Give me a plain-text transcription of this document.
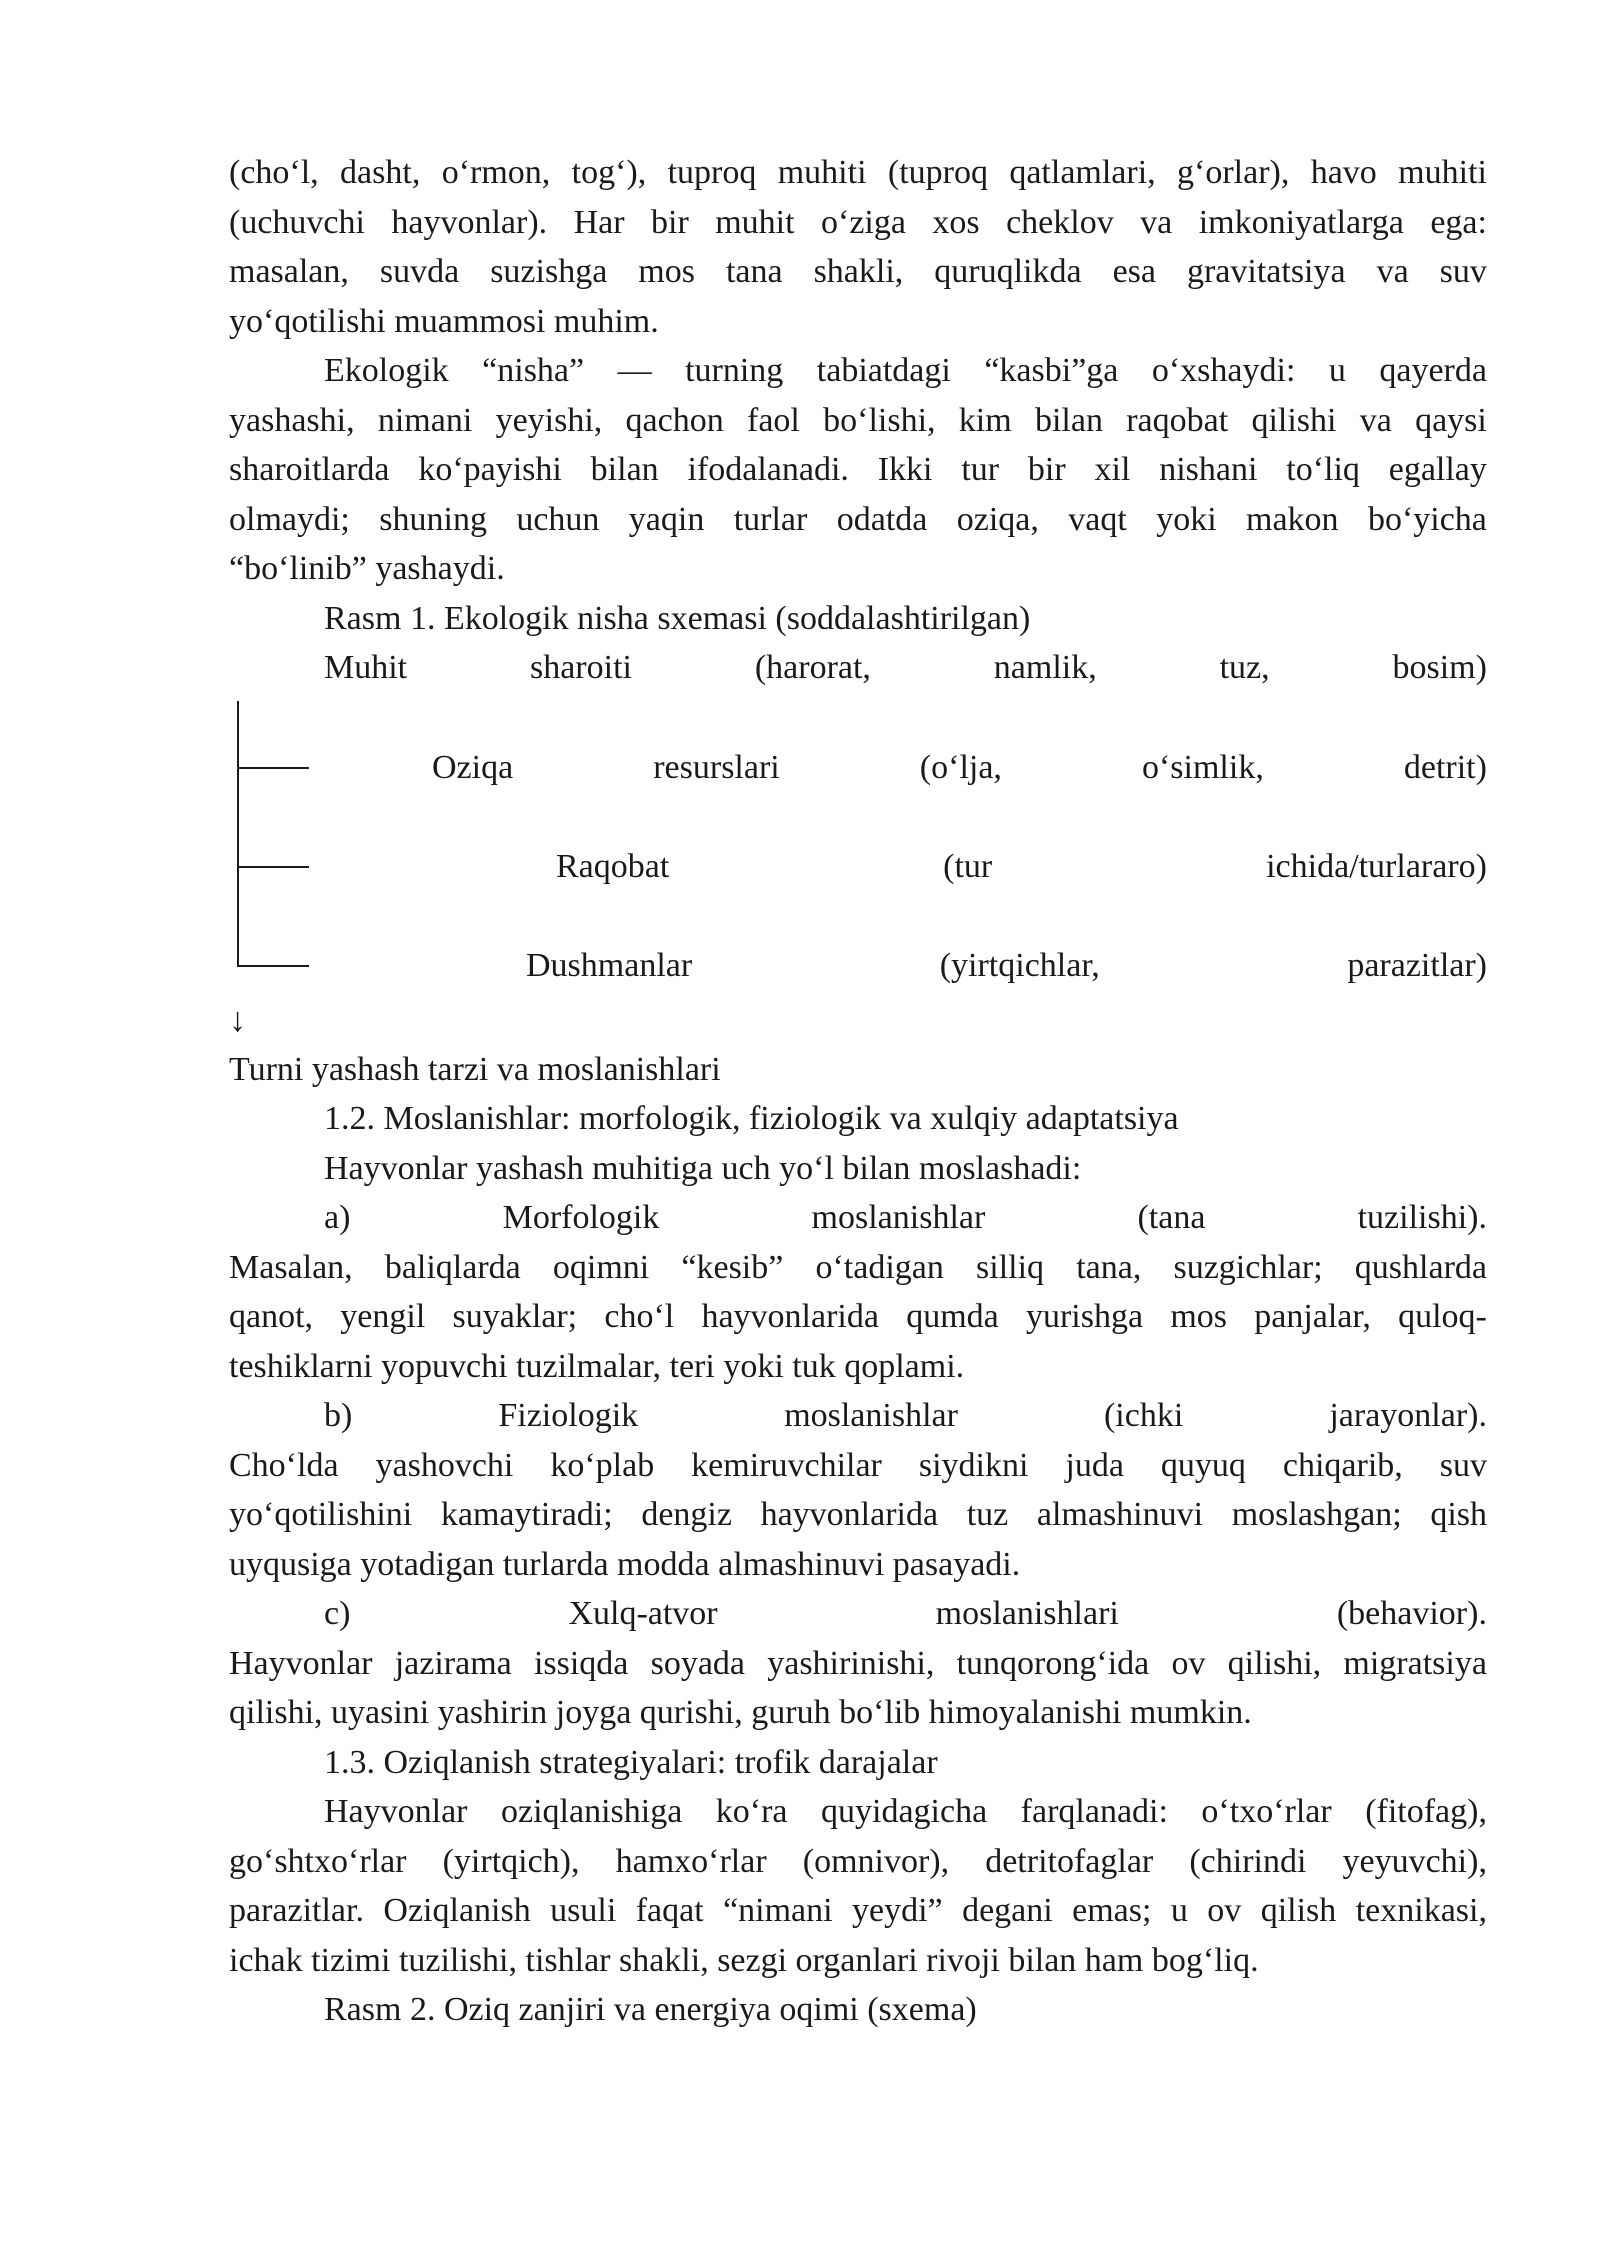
(cho‘l, dasht, o‘rmon, tog‘), tuproq muhiti (tuproq qatlamlari, g‘orlar), havo muhiti
(uchuvchi hayvonlar). Har bir muhit o‘ziga xos cheklov va imkoniyatlarga ega:
masalan, suvda suzishga mos tana shakli, quruqlikda esa gravitatsiya va suv
yo‘qotilishi muammosi muhim.
Ekologik “nisha” — turning tabiatdagi “kasbi”ga o‘xshaydi: u qayerda
yashashi, nimani yeyishi, qachon faol bo‘lishi, kim bilan raqobat qilishi va qaysi
sharoitlarda ko‘payishi bilan ifodalanadi. Ikki tur bir xil nishani to‘liq egallay
olmaydi; shuning uchun yaqin turlar odatda oziqa, vaqt yoki makon bo‘yicha
“bo‘linib” yashaydi.
Rasm 1. Ekologik nisha sxemasi (soddalashtirilgan)
Muhit	sharoiti	(harorat,	namlik,	tuz,	bosim)
Oziqa	resurslari	(o‘lja,	o‘simlik,	detrit)
Raqobat	(tur	ichida/turlararo)
Dushmanlar	(yirtqichlar,	parazitlar)
↓
Turni yashash tarzi va moslanishlari
1.2. Moslanishlar: morfologik, fiziologik va xulqiy adaptatsiya
Hayvonlar yashash muhitiga uch yo‘l bilan moslashadi:
a)	Morfologik	moslanishlar	(tana	tuzilishi).
Masalan, baliqlarda oqimni “kesib” o‘tadigan silliq tana, suzgichlar; qushlarda
qanot, yengil suyaklar; cho‘l hayvonlarida qumda yurishga mos panjalar, quloq-
teshiklarni yopuvchi tuzilmalar, teri yoki tuk qoplami.
b)	Fiziologik	moslanishlar	(ichki	jarayonlar).
Cho‘lda yashovchi ko‘plab kemiruvchilar siydikni juda quyuq chiqarib, suv
yo‘qotilishini kamaytiradi; dengiz hayvonlarida tuz almashinuvi moslashgan; qish
uyqusiga yotadigan turlarda modda almashinuvi pasayadi.
c)	Xulq-atvor	moslanishlari	(behavior).
Hayvonlar jazirama issiqda soyada yashirinishi, tunqorong‘ida ov qilishi, migratsiya
qilishi, uyasini yashirin joyga qurishi, guruh bo‘lib himoyalanishi mumkin.
1.3. Oziqlanish strategiyalari: trofik darajalar
Hayvonlar oziqlanishiga ko‘ra quyidagicha farqlanadi: o‘txo‘rlar (fitofag),
go‘shtxo‘rlar (yirtqich), hamxo‘rlar (omnivor), detritofaglar (chirindi yeyuvchi),
parazitlar. Oziqlanish usuli faqat “nimani yeydi” degani emas; u ov qilish texnikasi,
ichak tizimi tuzilishi, tishlar shakli, sezgi organlari rivoji bilan ham bog‘liq.
Rasm 2. Oziq zanjiri va energiya oqimi (sxema)
